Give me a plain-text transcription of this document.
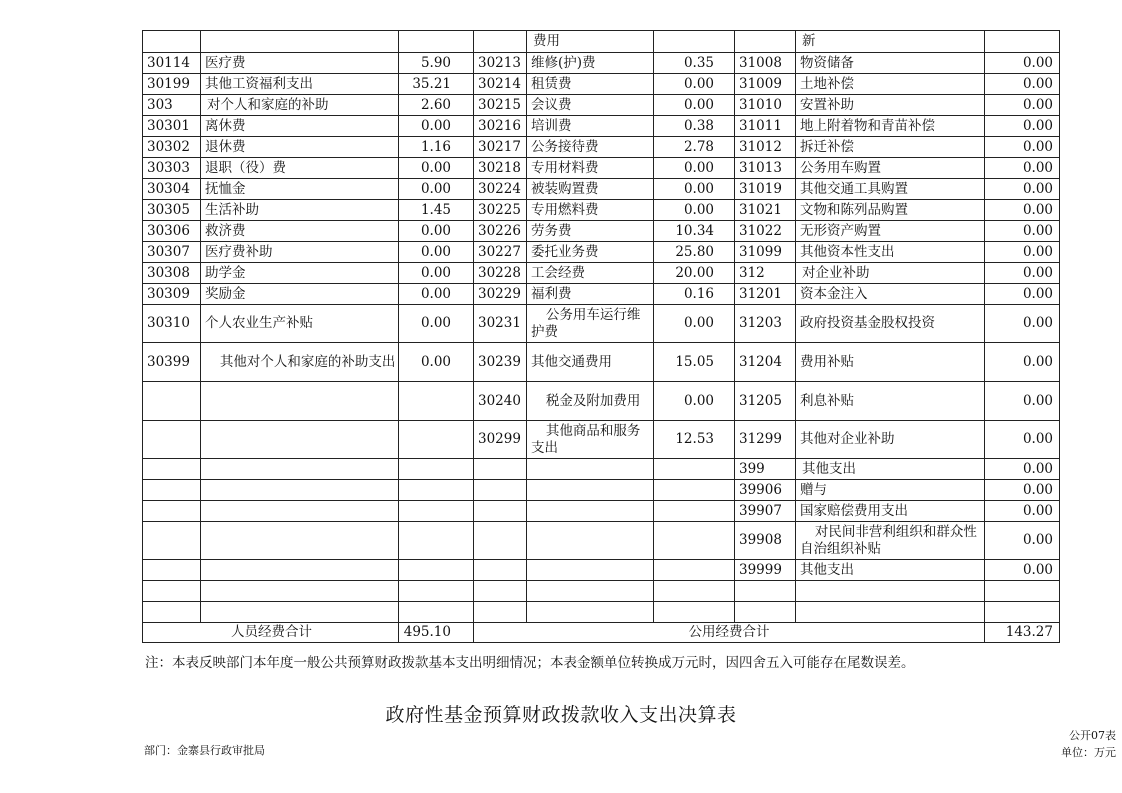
				费用			新	
30114	医疗费	5.90	30213	维修(护)费	0.35	31008	物资储备	0.00
30199	其他工资福利支出	35.21	30214	租赁费	0.00	31009	土地补偿	0.00
303	对个人和家庭的补助	2.60	30215	会议费	0.00	31010	安置补助	0.00
30301	离休费	0.00	30216	培训费	0.38	31011	地上附着物和青苗补偿	0.00
30302	退休费	1.16	30217	公务接待费	2.78	31012	拆迁补偿	0.00
30303	退职（役）费	0.00	30218	专用材料费	0.00	31013	公务用车购置	0.00
30304	抚恤金	0.00	30224	被装购置费	0.00	31019	其他交通工具购置	0.00
30305	生活补助	1.45	30225	专用燃料费	0.00	31021	文物和陈列品购置	0.00
30306	救济费	0.00	30226	劳务费	10.34	31022	无形资产购置	0.00
30307	医疗费补助	0.00	30227	委托业务费	25.80	31099	其他资本性支出	0.00
30308	助学金	0.00	30228	工会经费	20.00	312	对企业补助	0.00
30309	奖励金	0.00	30229	福利费	0.16	31201	资本金注入	0.00
30310	个人农业生产补贴	0.00	30231	公务用车运行维护费	0.00	31203	政府投资基金股权投资	0.00
30399	其他对个人和家庭的补助支出	0.00	30239	其他交通费用	15.05	31204	费用补贴	0.00
			30240	税金及附加费用	0.00	31205	利息补贴	0.00
			30299	其他商品和服务支出	12.53	31299	其他对企业补助	0.00
						399	其他支出	0.00
						39906	赠与	0.00
						39907	国家赔偿费用支出	0.00
						39908	对民间非营利组织和群众性自治组织补贴	0.00
						39999	其他支出	0.00

人员经费合计		495.10	公用经费合计					143.27
注：本表反映部门本年度一般公共预算财政拨款基本支出明细情况；本表金额单位转换成万元时，因四舍五入可能存在尾数误差。
政府性基金预算财政拨款收入支出决算表
公开07表
部门：金寨县行政审批局	单位：万元
